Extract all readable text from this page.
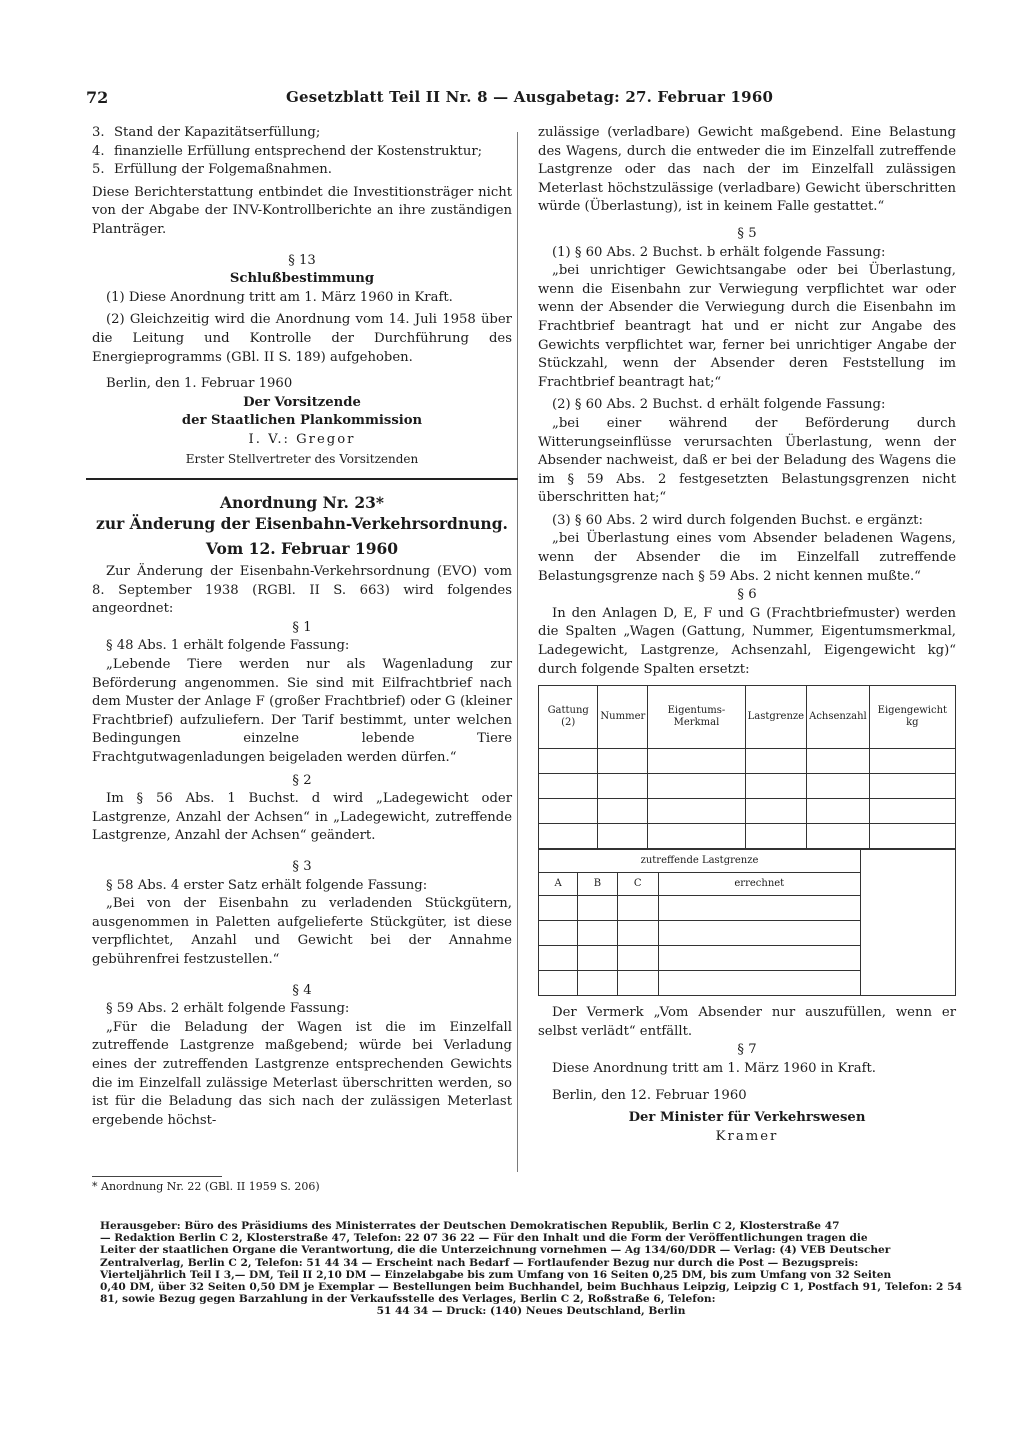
72	Gesetzblatt Teil II Nr. 8 — Ausgabetag: 27. Februar 1960
3. Stand der Kapazitätserfüllung;
4. finanzielle Erfüllung entsprechend der Kostenstruktur;
5. Erfüllung der Folgemaßnahmen.

Diese Berichterstattung entbindet die Investitionsträger nicht von der Abgabe der INV-Kontrollberichte an ihre zuständigen Planträger.

§ 13

Schlußbestimmung

(1) Diese Anordnung tritt am 1. März 1960 in Kraft.

(2) Gleichzeitig wird die Anordnung vom 14. Juli 1958 über die Leitung und Kontrolle der Durchführung des Energieprogramms (GBl. II S. 189) aufgehoben.

Berlin, den 1. Februar 1960

Der Vorsitzende

der Staatlichen Plankommission

I. V.: Gregor

Erster Stellvertreter des Vorsitzenden

Anordnung Nr. 23*

zur Änderung der Eisenbahn-Verkehrsordnung.

Vom 12. Februar 1960

Zur Änderung der Eisenbahn-Verkehrsordnung (EVO) vom 8. September 1938 (RGBl. II S. 663) wird folgendes angeordnet:

§ 1

§ 48 Abs. 1 erhält folgende Fassung:

„Lebende Tiere werden nur als Wagenladung zur Beförderung angenommen. Sie sind mit Eilfrachtbrief nach dem Muster der Anlage F (großer Frachtbrief) oder G (kleiner Frachtbrief) aufzuliefern. Der Tarif bestimmt, unter welchen Bedingungen einzelne lebende Tiere Frachtgutwagenladungen beigeladen werden dürfen.“

§ 2

Im § 56 Abs. 1 Buchst. d wird „Ladegewicht oder Lastgrenze, Anzahl der Achsen“ in „Ladegewicht, zutreffende Lastgrenze, Anzahl der Achsen“ geändert.

§ 3

§ 58 Abs. 4 erster Satz erhält folgende Fassung:

„Bei von der Eisenbahn zu verladenden Stückgütern, ausgenommen in Paletten aufgelieferte Stückgüter, ist diese verpflichtet, Anzahl und Gewicht bei der Annahme gebührenfrei festzustellen.“

§ 4

§ 59 Abs. 2 erhält folgende Fassung:

„Für die Beladung der Wagen ist die im Einzelfall zutreffende Lastgrenze maßgebend; würde bei Verladung eines der zutreffenden Lastgrenze entsprechenden Gewichts die im Einzelfall zulässige Meterlast überschritten werden, so ist für die Beladung das sich nach der zulässigen Meterlast ergebende höchst-

* Anordnung Nr. 22 (GBl. II 1959 S. 206)

zulässige (verladbare) Gewicht maßgebend. Eine Belastung des Wagens, durch die entweder die im Einzelfall zutreffende Lastgrenze oder das nach der im Einzelfall zulässigen Meterlast höchstzulässige (verladbare) Gewicht überschritten würde (Überlastung), ist in keinem Falle gestattet.“

§ 5

(1) § 60 Abs. 2 Buchst. b erhält folgende Fassung:

„bei unrichtiger Gewichtsangabe oder bei Überlastung, wenn die Eisenbahn zur Verwiegung verpflichtet war oder wenn der Absender die Verwiegung durch die Eisenbahn im Frachtbrief beantragt hat und er nicht zur Angabe des Gewichts verpflichtet war, ferner bei unrichtiger Angabe der Stückzahl, wenn der Absender deren Feststellung im Frachtbrief beantragt hat;“

(2) § 60 Abs. 2 Buchst. d erhält folgende Fassung:

„bei einer während der Beförderung durch Witterungseinflüsse verursachten Überlastung, wenn der Absender nachweist, daß er bei der Beladung des Wagens die im § 59 Abs. 2 festgesetzten Belastungsgrenzen nicht überschritten hat;“

(3) § 60 Abs. 2 wird durch folgenden Buchst. e ergänzt:

„bei Überlastung eines vom Absender beladenen Wagens, wenn der Absender die im Einzelfall zutreffende Belastungsgrenze nach § 59 Abs. 2 nicht kennen mußte.“

§ 6

In den Anlagen D, E, F und G (Frachtbriefmuster) werden die Spalten „Wagen (Gattung, Nummer, Eigentumsmerkmal, Ladegewicht, Lastgrenze, Achsenzahl, Eigengewicht kg)“ durch folgende Spalten ersetzt:

Gattung (2)	Nummer	Eigentums-Merkmal	Lastgrenze	Achsenzahl	Eigengewicht kg

zutreffende Lastgrenze				
A	B	C	errechnet	

Der Vermerk „Vom Absender nur auszufüllen, wenn er selbst verlädt“ entfällt.

§ 7

Diese Anordnung tritt am 1. März 1960 in Kraft.

Berlin, den 12. Februar 1960

Der Minister für Verkehrswesen

Kramer

Herausgeber: Büro des Präsidiums des Ministerrates der Deutschen Demokratischen Republik, Berlin C 2, Klosterstraße 47
— Redaktion Berlin C 2, Klosterstraße 47, Telefon: 22 07 36 22 — Für den Inhalt und die Form der Veröffentlichungen tragen die
Leiter der staatlichen Organe die Verantwortung, die die Unterzeichnung vornehmen — Ag 134/60/DDR — Verlag: (4) VEB Deutscher
Zentralverlag, Berlin C 2, Telefon: 51 44 34 — Erscheint nach Bedarf — Fortlaufender Bezug nur durch die Post — Bezugspreis:
Vierteljährlich Teil I 3,— DM, Teil II 2,10 DM — Einzelabgabe bis zum Umfang von 16 Seiten 0,25 DM, bis zum Umfang von 32 Seiten
0,40 DM, über 32 Seiten 0,50 DM je Exemplar — Bestellungen beim Buchhandel, beim Buchhaus Leipzig, Leipzig C 1, Postfach 91, Telefon: 2 54 81, sowie Bezug gegen Barzahlung in der Verkaufsstelle des Verlages, Berlin C 2, Roßstraße 6, Telefon:
51 44 34 — Druck: (140) Neues Deutschland, Berlin
